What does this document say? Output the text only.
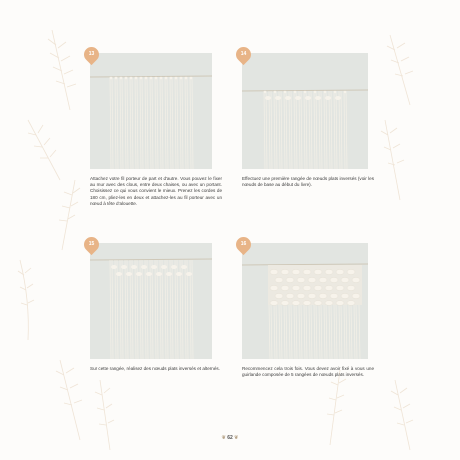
13
Attachez votre fil porteur de part et d'autre. Vous pouvez le fixer au mur avec des clous, entre deux chaises, ou avec un portant. Choisissez ce qui vous convient le mieux. Prenez les cordes de 180 cm, pliez-les en deux et attachez-les au fil porteur avec un nœud à tête d'alouette.
14
Effectuez une première rangée de nœuds plats inversés (voir les nœuds de base au début du livre).
15
Sur cette rangée, réalisez des nœuds plats inversés et alternés.
16
Recommencez cela trois fois. Vous devez avoir fixé à vous une guirlande composée de 5 rangées de nœuds plats inversés.
❦ 62 ❦
